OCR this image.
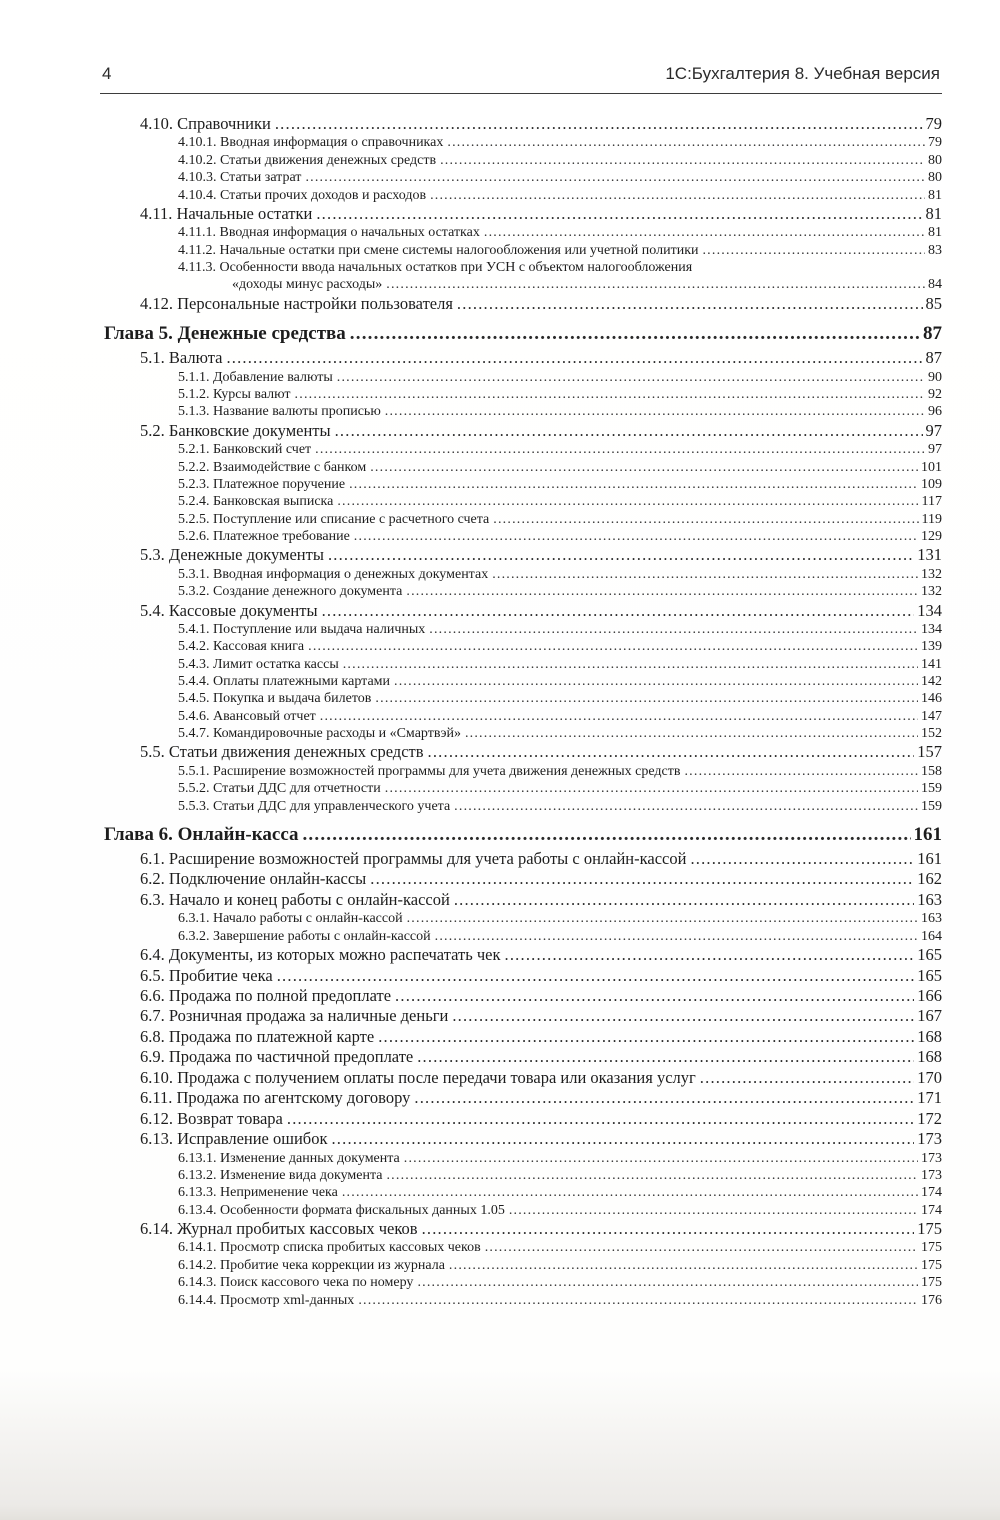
4	1С:Бухгалтерия 8. Учебная версия
4.10. Справочники .....	79
4.10.1. Вводная информация о справочниках .....	79
4.10.2. Статьи движения денежных средств .....	80
4.10.3. Статьи затрат .....	80
4.10.4. Статьи прочих доходов и расходов .....	81
4.11. Начальные остатки .....	81
4.11.1. Вводная информация о начальных остатках .....	81
4.11.2. Начальные остатки при смене системы налогообложения или учетной политики .....	83
4.11.3. Особенности ввода начальных остатков при УСН с объектом налогообложения
«доходы минус расходы» .....	84
4.12. Персональные настройки пользователя .....	85
Глава 5. Денежные средства .....	87
5.1. Валюта .....	87
5.1.1. Добавление валюты .....	90
5.1.2. Курсы валют .....	92
5.1.3. Название валюты прописью .....	96
5.2. Банковские документы .....	97
5.2.1. Банковский счет .....	97
5.2.2. Взаимодействие с банком .....	101
5.2.3. Платежное поручение .....	109
5.2.4. Банковская выписка .....	117
5.2.5. Поступление или списание с расчетного счета .....	119
5.2.6. Платежное требование .....	129
5.3. Денежные документы .....	131
5.3.1. Вводная информация о денежных документах .....	132
5.3.2. Создание денежного документа .....	132
5.4. Кассовые документы .....	134
5.4.1. Поступление или выдача наличных .....	134
5.4.2. Кассовая книга .....	139
5.4.3. Лимит остатка кассы .....	141
5.4.4. Оплаты платежными картами .....	142
5.4.5. Покупка и выдача билетов .....	146
5.4.6. Авансовый отчет .....	147
5.4.7. Командировочные расходы и «Смартвэй» .....	152
5.5. Статьи движения денежных средств .....	157
5.5.1. Расширение возможностей программы для учета движения денежных средств .....	158
5.5.2. Статьи ДДС для отчетности .....	159
5.5.3. Статьи ДДС для управленческого учета .....	159
Глава 6. Онлайн-касса .....	161
6.1. Расширение возможностей программы для учета работы с онлайн-кассой .....	161
6.2. Подключение онлайн-кассы .....	162
6.3. Начало и конец работы с онлайн-кассой .....	163
6.3.1. Начало работы с онлайн-кассой .....	163
6.3.2. Завершение работы с онлайн-кассой .....	164
6.4. Документы, из которых можно распечатать чек .....	165
6.5. Пробитие чека .....	165
6.6. Продажа по полной предоплате .....	166
6.7. Розничная продажа за наличные деньги .....	167
6.8. Продажа по платежной карте .....	168
6.9. Продажа по частичной предоплате .....	168
6.10. Продажа с получением оплаты после передачи товара или оказания услуг .....	170
6.11. Продажа по агентскому договору .....	171
6.12. Возврат товара .....	172
6.13. Исправление ошибок .....	173
6.13.1. Изменение данных документа .....	173
6.13.2. Изменение вида документа .....	173
6.13.3. Неприменение чека .....	174
6.13.4. Особенности формата фискальных данных 1.05 .....	174
6.14. Журнал пробитых кассовых чеков .....	175
6.14.1. Просмотр списка пробитых кассовых чеков .....	175
6.14.2. Пробитие чека коррекции из журнала .....	175
6.14.3. Поиск кассового чека по номеру .....	175
6.14.4. Просмотр xml-данных .....	176
